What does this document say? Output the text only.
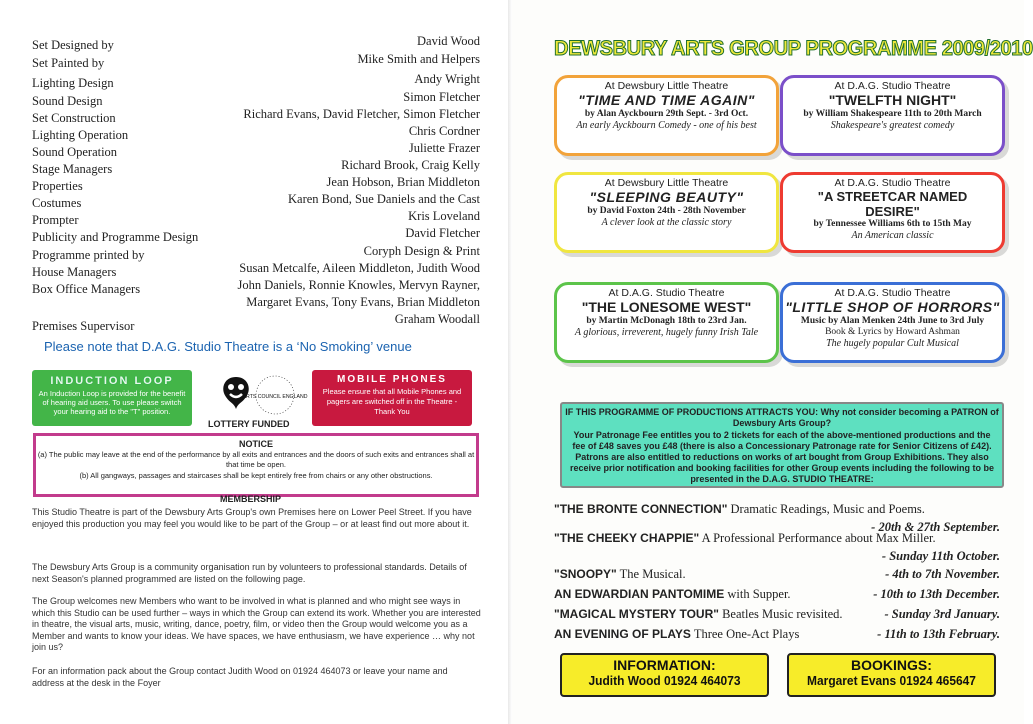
Set Designed by	David Wood
Set Painted by	Mike Smith and Helpers
Lighting Design	Andy Wright
Sound Design	Simon Fletcher
Set Construction	Richard Evans, David Fletcher, Simon Fletcher
Lighting Operation	Chris Cordner
Sound Operation	Juliette Frazer
Stage Managers	Richard Brook, Craig Kelly
Properties	Jean Hobson, Brian Middleton
Costumes	Karen Bond, Sue Daniels and the Cast
Prompter	Kris Loveland
Publicity and Programme Design	David Fletcher
Programme printed by	Coryph Design & Print
House Managers	Susan Metcalfe, Aileen Middleton, Judith Wood
Box Office Managers	John Daniels, Ronnie Knowles, Mervyn Rayner,
Margaret Evans, Tony Evans, Brian Middleton
Premises Supervisor	Graham Woodall
Please note that D.A.G. Studio Theatre is a ‘No Smoking’ venue
INDUCTION LOOP
An Induction Loop is provided for the benefit of hearing aid users. To use please switch your hearing aid to the "T" position.
LOTTERY FUNDED
ARTS COUNCIL ENGLAND
MOBILE PHONES
Please ensure that all Mobile Phones and pagers are switched off in the Theatre - Thank You
NOTICE
(a) The public may leave at the end of the performance by all exits and entrances and the doors of such exits and entrances shall at that time be open.
(b) All gangways, passages and staircases shall be kept entirely free from chairs or any other obstructions.
MEMBERSHIP
This Studio Theatre is part of the Dewsbury Arts Group's own Premises here on Lower Peel Street. If you have enjoyed this production you may feel you would like to be part of the Group – or at least find out more about it.
The Dewsbury Arts Group is a community organisation run by volunteers to professional standards. Details of next Season's planned programmed are listed on the following page.
The Group welcomes new Members who want to be involved in what is planned and who might see ways in which this Studio can be used further – ways in which the Group can extend its work. Whether you are interested in theatre, the visual arts, music, writing, dance, poetry, film, or video then the Group would welcome you as a Member and wants to know your ideas. We have spaces, we have enthusiasm, we have experience … why not join us?
For an information pack about the Group contact Judith Wood on 01924 464073 or leave your name and address at the desk in the Foyer
DEWSBURY ARTS GROUP PROGRAMME 2009/2010
At Dewsbury Little Theatre
"TIME AND TIME AGAIN"
by Alan Ayckbourn 29th Sept. - 3rd Oct.
An early Ayckbourn Comedy - one of his best
At D.A.G. Studio Theatre
"TWELFTH NIGHT"
by William Shakespeare 11th to 20th March
Shakespeare's greatest comedy
At Dewsbury Little Theatre
"SLEEPING BEAUTY"
by David Foxton 24th - 28th November
A clever look at the classic story
At D.A.G. Studio Theatre
"A STREETCAR NAMED DESIRE"
by Tennessee Williams 6th to 15th May
An American classic
At D.A.G. Studio Theatre
"THE LONESOME WEST"
by Martin McDonagh 18th to 23rd Jan.
A glorious, irreverent, hugely funny Irish Tale
At D.A.G. Studio Theatre
"LITTLE SHOP OF HORRORS"
Music by Alan Menken 24th June to 3rd July
Book & Lyrics by Howard Ashman
The hugely popular Cult Musical
IF THIS PROGRAMME OF PRODUCTIONS ATTRACTS YOU: Why not consider becoming a PATRON of Dewsbury Arts Group?
Your Patronage Fee entitles you to 2 tickets for each of the above-mentioned productions and the fee of £48 saves you £48 (there is also a Concessionary Patronage rate for Senior Citizens of £42). Patrons are also entitled to reductions on works of art bought from Group Exhibitions. They also receive prior notification and booking facilities for other Group events including the following to be presented in the D.A.G. STUDIO THEATRE:
"THE BRONTE CONNECTION" Dramatic Readings, Music and Poems.
- 20th & 27th September.
"THE CHEEKY CHAPPIE" A Professional Performance about Max Miller.
- Sunday 11th October.
"SNOOPY" The Musical.	- 4th to 7th November.
AN EDWARDIAN PANTOMIME with Supper.	- 10th to 13th December.
"MAGICAL MYSTERY TOUR" Beatles Music revisited.	- Sunday 3rd January.
AN EVENING OF PLAYS Three One-Act Plays	- 11th to 13th February.
INFORMATION:
Judith Wood 01924 464073
BOOKINGS:
Margaret Evans 01924 465647
